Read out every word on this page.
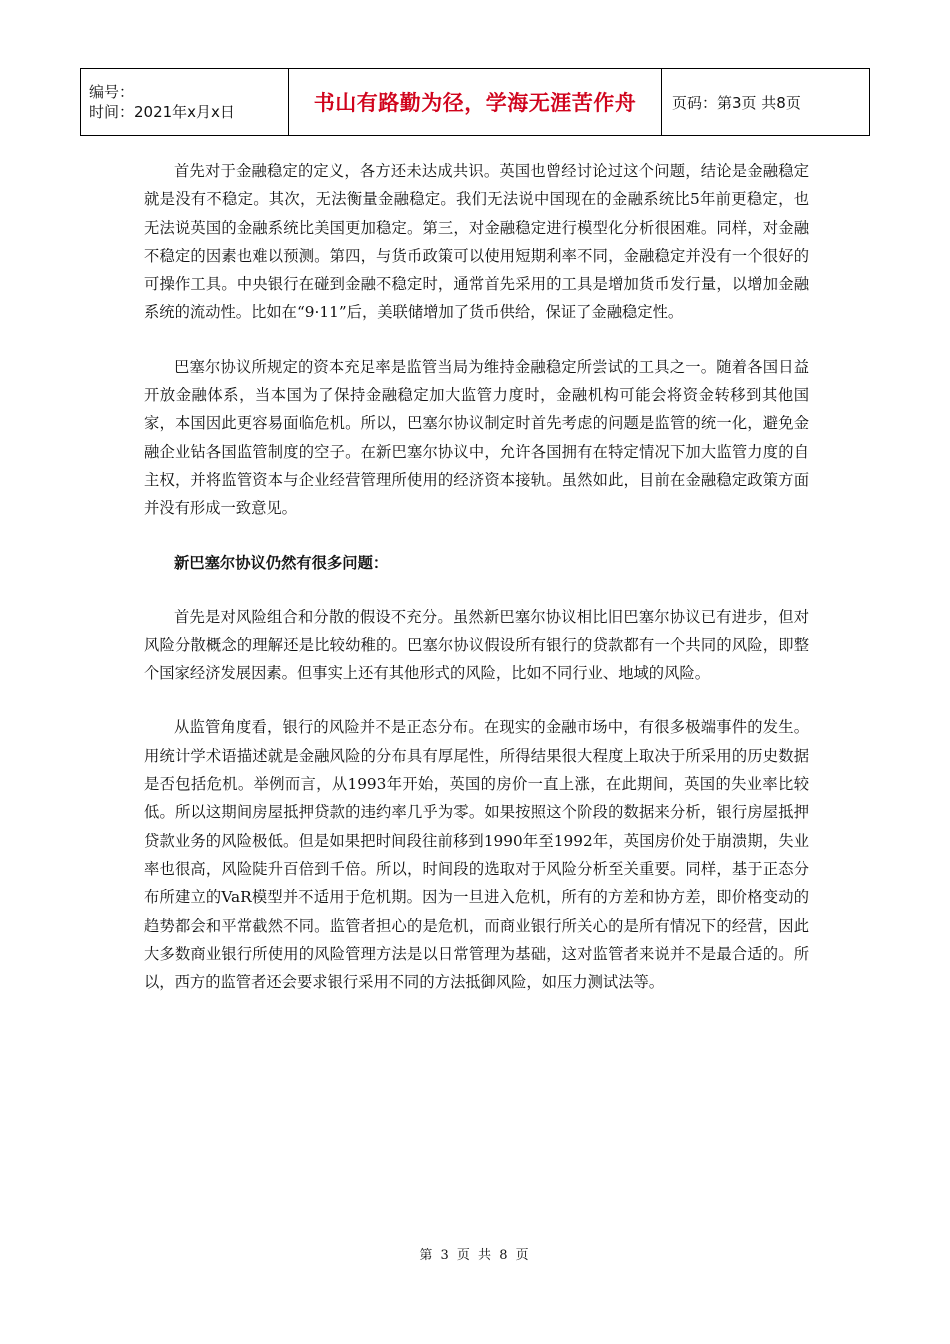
编号：
时间：2021年x月x日	书山有路勤为径，学海无涯苦作舟	页码：第3页 共8页

首先对于金融稳定的定义，各方还未达成共识。英国也曾经讨论过这个问题，结论是金融稳定就是没有不稳定。其次，无法衡量金融稳定。我们无法说中国现在的金融系统比5年前更稳定，也无法说英国的金融系统比美国更加稳定。第三，对金融稳定进行模型化分析很困难。同样，对金融不稳定的因素也难以预测。第四，与货币政策可以使用短期利率不同，金融稳定并没有一个很好的可操作工具。中央银行在碰到金融不稳定时，通常首先采用的工具是增加货币发行量，以增加金融系统的流动性。比如在“9·11”后，美联储增加了货币供给，保证了金融稳定性。

巴塞尔协议所规定的资本充足率是监管当局为维持金融稳定所尝试的工具之一。随着各国日益开放金融体系，当本国为了保持金融稳定加大监管力度时，金融机构可能会将资金转移到其他国家，本国因此更容易面临危机。所以，巴塞尔协议制定时首先考虑的问题是监管的统一化，避免金融企业钻各国监管制度的空子。在新巴塞尔协议中，允许各国拥有在特定情况下加大监管力度的自主权，并将监管资本与企业经营管理所使用的经济资本接轨。虽然如此，目前在金融稳定政策方面并没有形成一致意见。

新巴塞尔协议仍然有很多问题：

首先是对风险组合和分散的假设不充分。虽然新巴塞尔协议相比旧巴塞尔协议已有进步，但对风险分散概念的理解还是比较幼稚的。巴塞尔协议假设所有银行的贷款都有一个共同的风险，即整个国家经济发展因素。但事实上还有其他形式的风险，比如不同行业、地域的风险。

从监管角度看，银行的风险并不是正态分布。在现实的金融市场中，有很多极端事件的发生。用统计学术语描述就是金融风险的分布具有厚尾性，所得结果很大程度上取决于所采用的历史数据是否包括危机。举例而言，从1993年开始，英国的房价一直上涨，在此期间，英国的失业率比较低。所以这期间房屋抵押贷款的违约率几乎为零。如果按照这个阶段的数据来分析，银行房屋抵押贷款业务的风险极低。但是如果把时间段往前移到1990年至1992年，英国房价处于崩溃期，失业率也很高，风险陡升百倍到千倍。所以，时间段的选取对于风险分析至关重要。同样，基于正态分布所建立的VaR模型并不适用于危机期。因为一旦进入危机，所有的方差和协方差，即价格变动的趋势都会和平常截然不同。监管者担心的是危机，而商业银行所关心的是所有情况下的经营，因此大多数商业银行所使用的风险管理方法是以日常管理为基础，这对监管者来说并不是最合适的。所以，西方的监管者还会要求银行采用不同的方法抵御风险，如压力测试法等。

第 3 页 共 8 页
